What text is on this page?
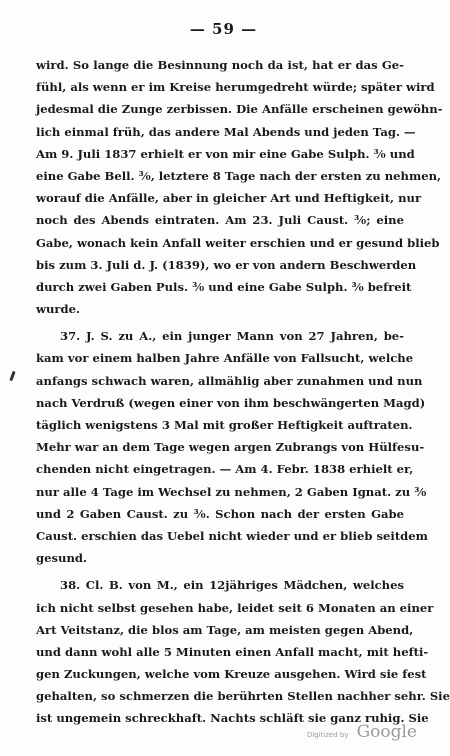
— 59 —
wird. So lange die Besinnung noch da ist, hat er das Ge-
fühl, als wenn er im Kreise herumgedreht würde; später wird
jedesmal die Zunge zerbissen. Die Anfälle erscheinen gewöhn-
lich einmal früh, das andere Mal Abends und jeden Tag. —
Am 9. Juli 1837 erhielt er von mir eine Gabe Sulph. ³⁄₀ und
eine Gabe Bell. ³⁄₀, letztere 8 Tage nach der ersten zu nehmen,
worauf die Anfälle, aber in gleicher Art und Heftigkeit, nur
noch des Abends eintraten. Am 23. Juli Caust. ³⁄₀; eine
Gabe, wonach kein Anfall weiter erschien und er gesund blieb
bis zum 3. Juli d. J. (1839), wo er von andern Beschwerden
durch zwei Gaben Puls. ³⁄₀ und eine Gabe Sulph. ³⁄₀ befreit
wurde.
37. J. S. zu A., ein junger Mann von 27 Jahren, be-
kam vor einem halben Jahre Anfälle von Fallsucht, welche
anfangs schwach waren, allmählig aber zunahmen und nun
nach Verdruß (wegen einer von ihm beschwängerten Magd)
täglich wenigstens 3 Mal mit großer Heftigkeit auftraten.
Mehr war an dem Tage wegen argen Zubrangs von Hülfesu-
chenden nicht eingetragen. — Am 4. Febr. 1838 erhielt er,
nur alle 4 Tage im Wechsel zu nehmen, 2 Gaben Ignat. zu ³⁄₀
und 2 Gaben Caust. zu ³⁄₀. Schon nach der ersten Gabe
Caust. erschien das Uebel nicht wieder und er blieb seitdem
gesund.
38. Cl. B. von M., ein 12jähriges Mädchen, welches
ich nicht selbst gesehen habe, leidet seit 6 Monaten an einer
Art Veitstanz, die blos am Tage, am meisten gegen Abend,
und dann wohl alle 5 Minuten einen Anfall macht, mit hefti-
gen Zuckungen, welche vom Kreuze ausgehen. Wird sie fest
gehalten, so schmerzen die berührten Stellen nachher sehr. Sie
ist ungemein schreckhaft. Nachts schläft sie ganz ruhig. Sie
Digitized by Google
